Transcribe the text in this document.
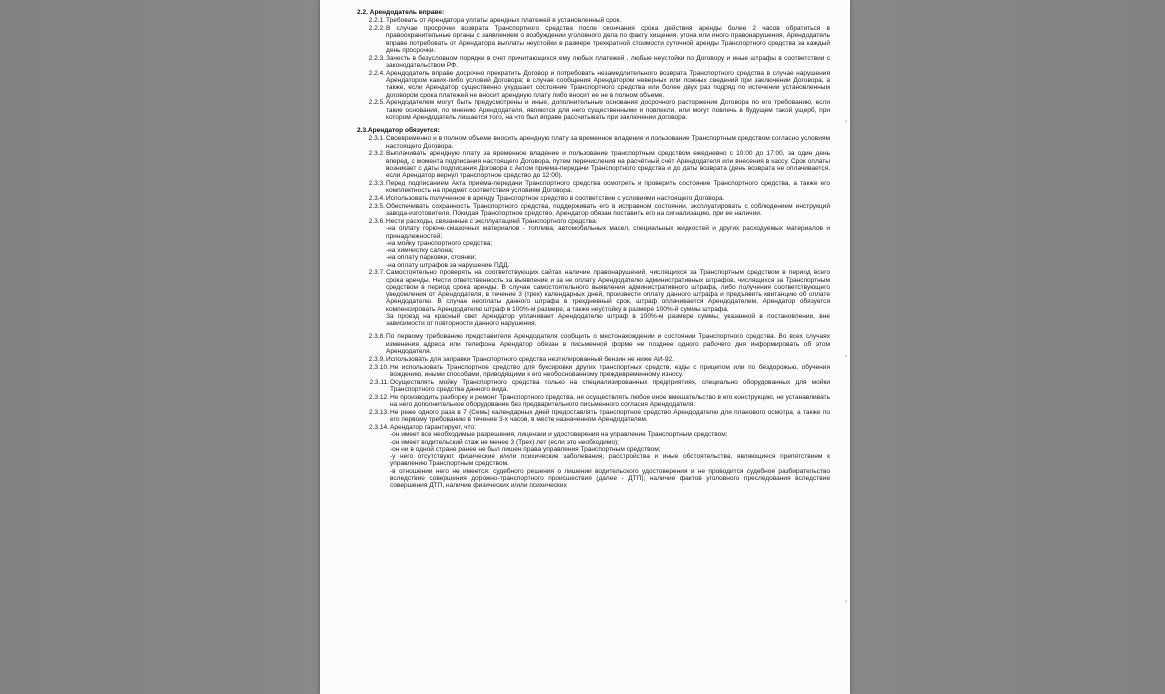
2.2. Арендодатель вправе:
2.2.1. Требовать от Арендатора уплаты арендных платежей в установленный срок.
2.2.2. В случае просрочки возврата Транспортного средства после окончания срока действия аренды более 2 часов обратиться в правоохранительные органы с заявлением о возбуждении уголовного дела по факту хищения, угона или иного правонарушения, Арендодатель вправе потребовать от Арендатора выплаты неустойки в размере трехкратной стоимости суточной аренды Транспортного средства за каждый день просрочки.
2.2.3. Зачесть в безусловном порядке в счет причитающихся ему любых платежей , любые неустойки по Договору и иные штрафы в соответствии с законодательством РФ.
2.2.4. Арендодатель вправе досрочно прекратить Договор и потребовать незамедлительного возврата Транспортного средства в случае нарушения Арендатором каких-либо условий Договора; в случае сообщения Арендатором неверных или ложных сведений при заключении Договора, а также, если Арендатор существенно ухудшает состояние Транспортного средства или более двух раз подряд по истечении установленным договором срока платежей не вносит арендную плату либо вносит ее не в полном объеме.
2.2.5. Арендодателем могут быть предусмотрены и иные, дополнительные основания досрочного расторжения Договора по его требованию, если такие основания, по мнению Арендодателя, являются для него существенными и повлекли, или могут повлечь в будущем такой ущерб, при котором Арендодатель лишается того, на что был вправе рассчитывать при заключении договора.
2.3.Арендатор обязуется:
2.3.1. Своевременно и в полном объеме вносить арендную плату за временное владение и пользование Транспортным средством согласно условиям настоящего Договора.
2.3.2. Выплачивать арендную плату за временное владение и пользование транспортным средством ежедневно с 10:00 до 17:00, за один день вперед, с момента подписания настоящего Договора, путем перечисления на расчётный счёт Арендодателя или внесения в кассу. Срок оплаты возникает с даты подписания Договора с Актом приема-передачи Транспортного средства и до даты возврата (день возврата не оплачивается, если Арендатор вернул транспортное средство до 12:00).
2.3.3. Перед подписанием Акта приема-передачи Транспортного средства осмотреть и проверить состояние Транспортного средства, а также его комплектность на предмет соответствия условиям Договора.
2.3.4. Использовать полученное в аренду Транспортное средство в соответствии с условиями настоящего Договора.
2.3.5. Обеспечивать сохранность Транспортного средства, поддерживать его в исправном состоянии, эксплуатировать с соблюдением инструкций завода-изготовителя. Покидая Транспортное средство, Арендатор обязан поставить его на сигнализацию, при ее наличии.
2.3.6. Нести расходы, связанные с эксплуатацией Транспортного средства:
-на оплату горюче-смазочных материалов - топлива, автомобильных масел, специальных жидкостей и других расходуемых материалов и принадлежностей;
-на мойку транспортного средства;
-на химчистку салона;
-на оплату парковки, стоянки;
-на оплату штрафов за нарушение ПДД.
2.3.7. Самостоятельно проверять на соответствующих сайтах наличие правонарушений, числящихся за Транспортным средством в период всего срока аренды. Нести ответственность за выявление и за не оплату Арендодателю административных штрафов, числящихся за Транспортным средством в период срока аренды. В случае самостоятельного выявления административного штрафа, либо получения соответствующего уведомления от Арендодателя, в течение 3 (трех) календарных дней, произвести оплату данного штрафа и предъявить квитанцию об оплате Арендодателю. В случае неоплаты данного штрафа в трехдневный срок, штраф оплачивается Арендодателем, Арендатор обязуется компенсировать Арендодателю штраф в 100%-м размере, а также неустойку в размере 100%-й суммы штрафа.
За проезд на красный свет Арендатор уплачивает Арендодателю штраф в 100%-м размере суммы, указанной в постановлении, вне зависимости от повторности данного нарушения.
2.3.8. По первому требованию представителя Арендодателя сообщить о местонахождении и состоянии Транспортного средства. Во всех случаях изменения адреса или телефона Арендатор обязан в письменной форме не позднее одного рабочего дня информировать об этом Арендодателя.
2.3.9. Использовать для заправки Транспортного средства неэтилированный бензин не ниже АИ-92.
2.3.10. Не использовать Транспортное средство для буксировки других транспортных средств, езды с прицепом или по бездорожью, обучения вождению, иными способами, приводящими к его необоснованному преждевременному износу.
2.3.11. Осуществлять мойку Транспортного средства только на специализированных предприятиях, специально оборудованных для мойки Транспортного средства данного вида.
2.3.12. Не производить разборку и ремонт Транспортного средства, не осуществлять любое иное вмешательство в его конструкцию, не устанавливать на него дополнительное оборудование без предварительного письменного согласия Арендодателя.
2.3.13. Не реже одного раза в 7 (Семь) календарных дней предоставлять транспортное средство Арендодателю для планового осмотра, а также по его первому требованию в течение 3-х часов, в месте назначенном Арендодателем.
2.3.14. Арендатор гарантирует, что:
-он имеет все необходимые разрешения, лицензии и удостоверения на управление Транспортным средством;
-он имеет водительский стаж не менее 3 (Трех) лет (если это необходимо);
-он ни в одной стране ранее не был лишен права управления Транспортным средством;
-у него отсутствуют физические и/или психические заболевания, расстройства и иные обстоятельства, являющиеся препятствием к управлению Транспортным средством.
-в отношении него не имеется: судебного решения о лишении водительского удостоверения и не проводится судебное разбирательство вследствие совершения дорожно-транспортного происшествия (далее - ДТП); наличие фактов уголовного преследования вследствие совершения ДТП, наличие физических и/или психических
